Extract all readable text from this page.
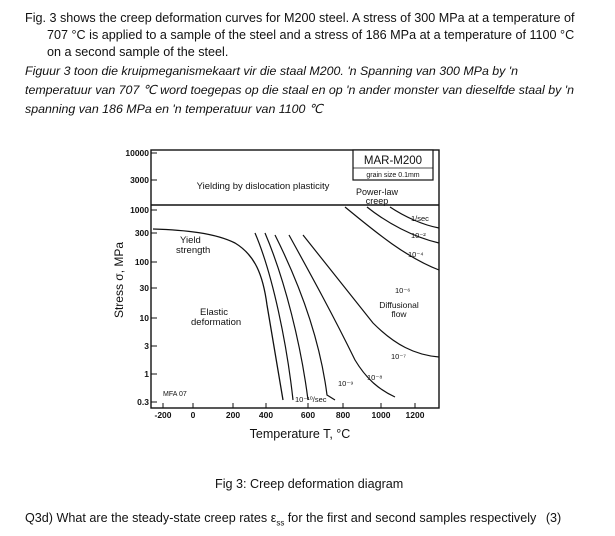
Fig. 3 shows the creep deformation curves for M200 steel. A stress of 300 MPa at a temperature of
707 °C is applied to a sample of the steel and a stress of 186 MPa at a temperature of 1100 °C
on a second sample of the steel.
Figuur 3 toon die kruipmeganismekaart vir die staal M200. 'n Spanning van 300 MPa by 'n
temperatuur van 707 ℃ word toegepas op die staal en op 'n ander monster van dieselfde staal by 'n
spanning van 186 MPa en 'n temperatuur van 1100 ℃
10000
3000
1000
300
100
30
10
3
1
0.3
-200 0	200 400	600 800	1000 1200
Temperature T, °C
Stress σ, MPa
MAR-M200
grain size 0.1mm
Yielding by dislocation plasticity	Power-law
creep
Yield
strength
Elastic
deformation
Diffusional
flow
1/sec
10⁻²
10⁻⁴
10⁻⁶
10⁻⁷
10⁻⁸
10⁻⁹
10⁻¹⁰/sec
MFA 07
Fig 3: Creep deformation diagram
Q3d) What are the steady-state creep rates $\varepsilon_{ss}$ for the first and second samples respectively (3)
